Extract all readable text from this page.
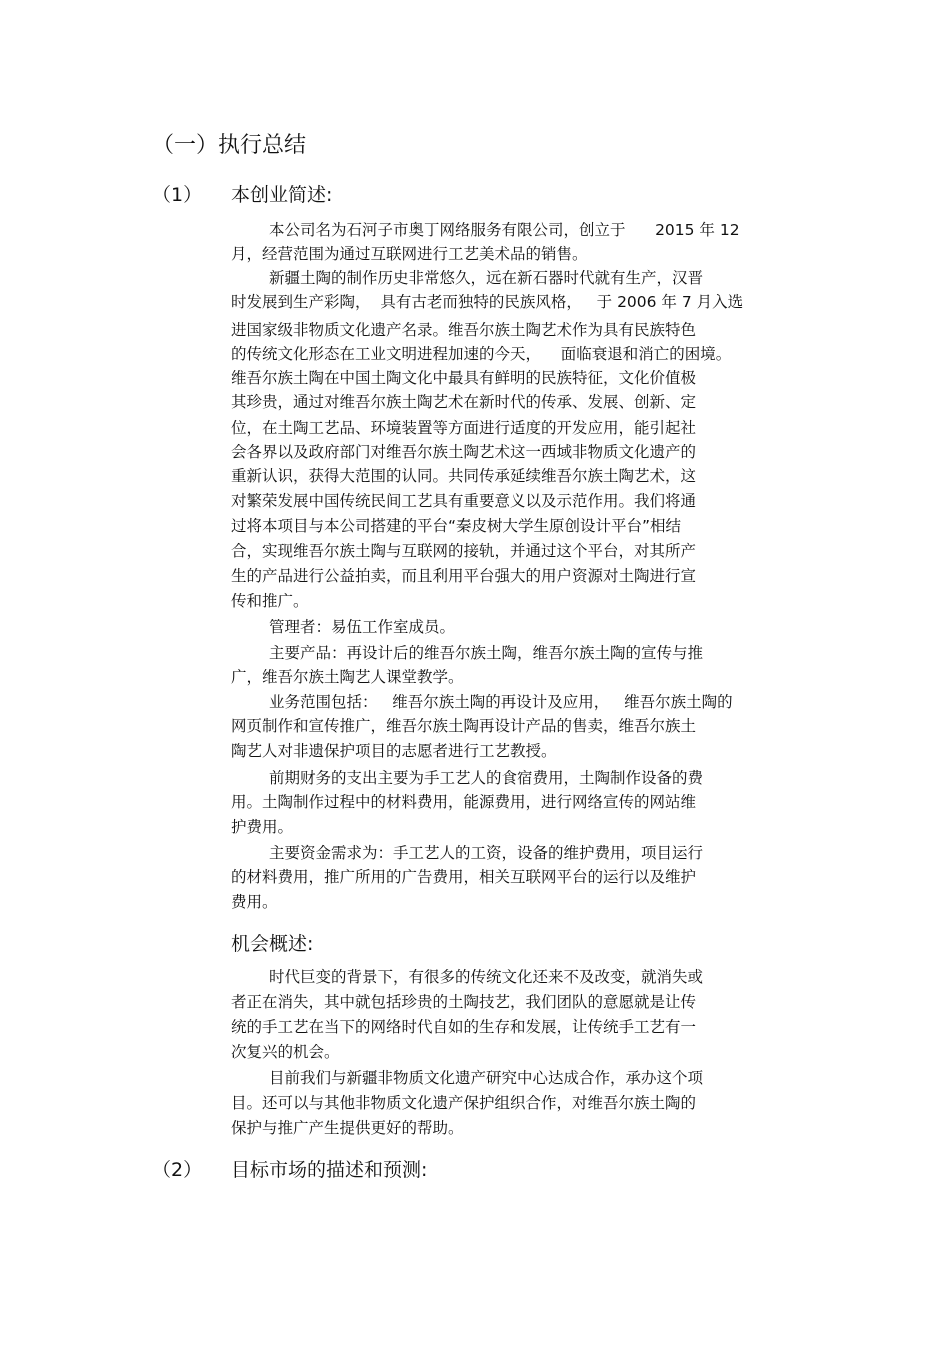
（一）执行总结
（1） 本创业简述:
本公司名为石河子市奥丁网络服务有限公司，创立于      2015 年 12
月，经营范围为通过互联网进行工艺美术品的销售。
新疆土陶的制作历史非常悠久，远在新石器时代就有生产，汉晋
时发展到生产彩陶，  具有古老而独特的民族风格，   于 2006 年 7 月入选
进国家级非物质文化遗产名录。维吾尔族土陶艺术作为具有民族特色
的传统文化形态在工业文明进程加速的今天，    面临衰退和消亡的困境。
维吾尔族土陶在中国土陶文化中最具有鲜明的民族特征，文化价值极
其珍贵，通过对维吾尔族土陶艺术在新时代的传承、发展、创新、定
位，在土陶工艺品、环境装置等方面进行适度的开发应用，能引起社
会各界以及政府部门对维吾尔族土陶艺术这一西域非物质文化遗产的
重新认识，获得大范围的认同。共同传承延续维吾尔族土陶艺术，这
对繁荣发展中国传统民间工艺具有重要意义以及示范作用。我们将通
过将本项目与本公司搭建的平台“秦皮树大学生原创设计平台”相结
合，实现维吾尔族土陶与互联网的接轨，并通过这个平台，对其所产
生的产品进行公益拍卖，而且利用平台强大的用户资源对土陶进行宣
传和推广。
管理者：易伍工作室成员。
主要产品：再设计后的维吾尔族土陶，维吾尔族土陶的宣传与推
广，维吾尔族土陶艺人课堂教学。
业务范围包括：   维吾尔族土陶的再设计及应用，   维吾尔族土陶的
网页制作和宣传推广，维吾尔族土陶再设计产品的售卖，维吾尔族土
陶艺人对非遗保护项目的志愿者进行工艺教授。
前期财务的支出主要为手工艺人的食宿费用，土陶制作设备的费
用。土陶制作过程中的材料费用，能源费用，进行网络宣传的网站维
护费用。
主要资金需求为：手工艺人的工资，设备的维护费用，项目运行
的材料费用，推广所用的广告费用，相关互联网平台的运行以及维护
费用。
机会概述:
时代巨变的背景下，有很多的传统文化还来不及改变，就消失或
者正在消失，其中就包括珍贵的土陶技艺，我们团队的意愿就是让传
统的手工艺在当下的网络时代自如的生存和发展，让传统手工艺有一
次复兴的机会。
目前我们与新疆非物质文化遗产研究中心达成合作，承办这个项
目。还可以与其他非物质文化遗产保护组织合作，对维吾尔族土陶的
保护与推广产生提供更好的帮助。
（2） 目标市场的描述和预测:
